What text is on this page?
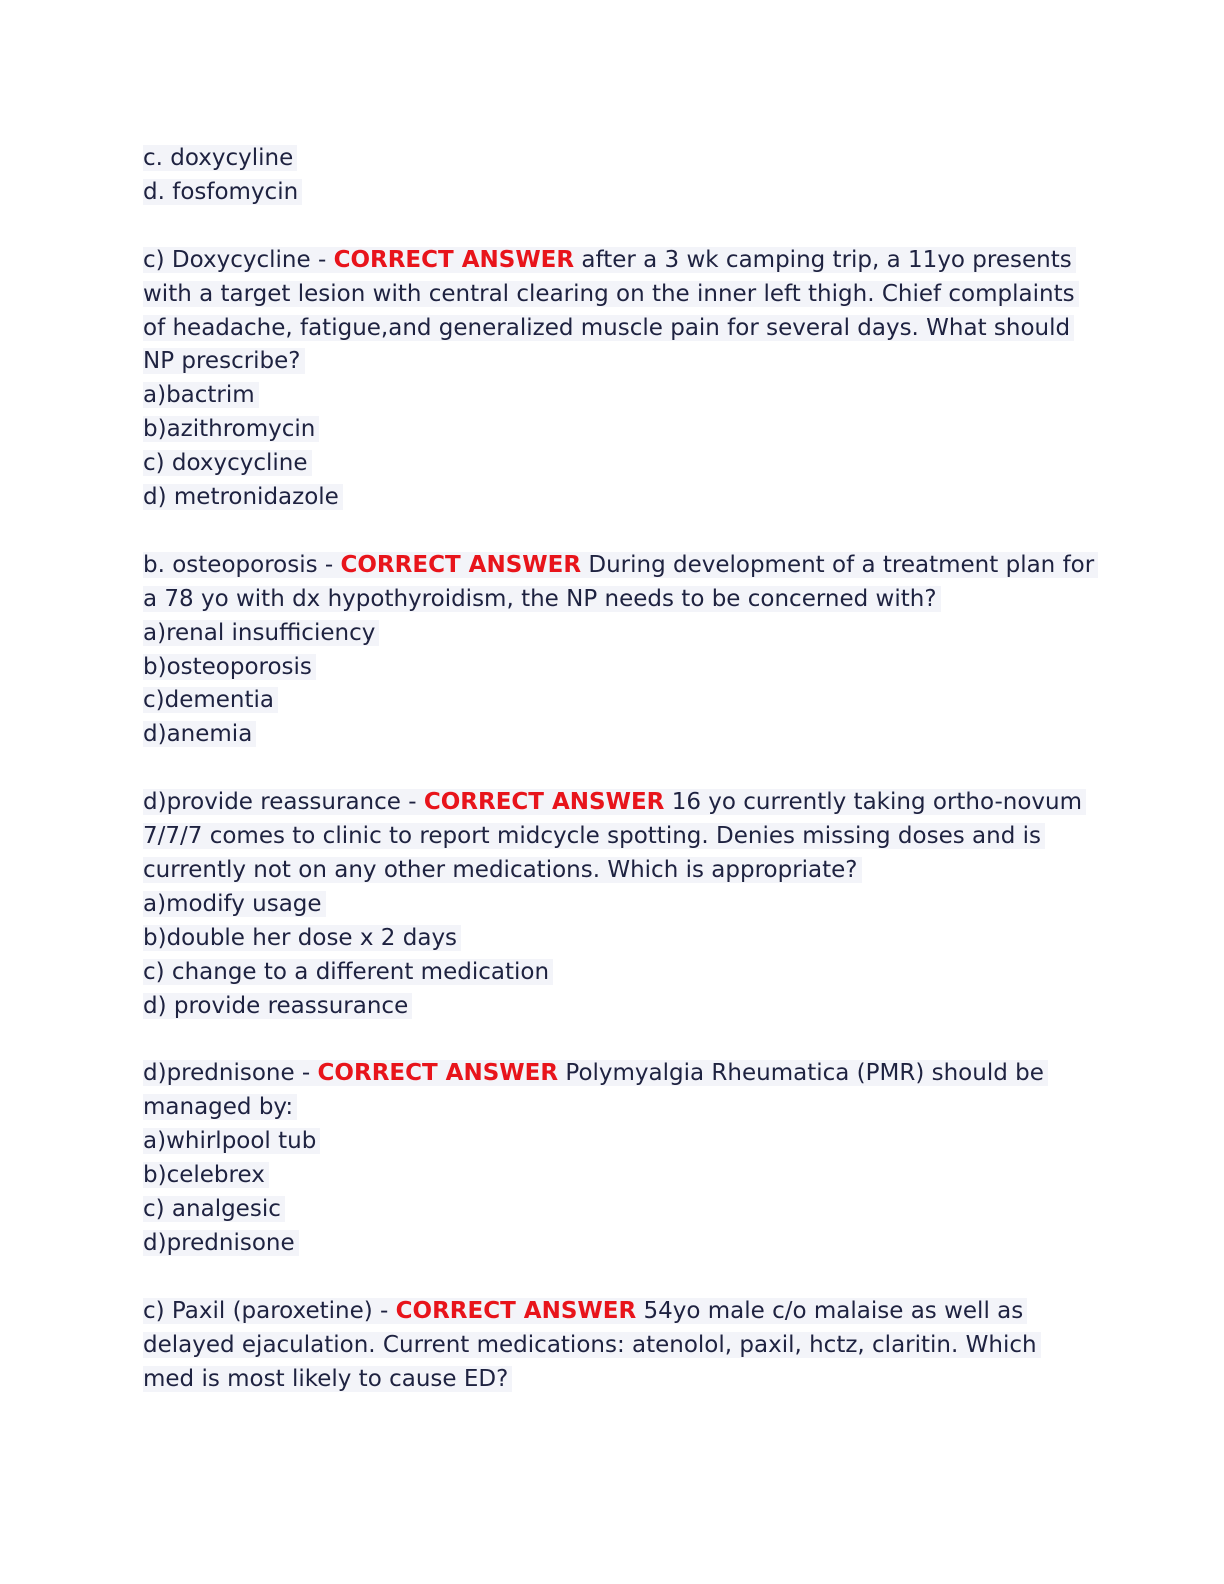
c. doxycyline
d. fosfomycin
c) Doxycycline - CORRECT ANSWER after a 3 wk camping trip, a 11yo presents
with a target lesion with central clearing on the inner left thigh. Chief complaints
of headache, fatigue,and generalized muscle pain for several days. What should
NP prescribe?
a)bactrim
b)azithromycin
c) doxycycline
d) metronidazole
b. osteoporosis - CORRECT ANSWER During development of a treatment plan for
a 78 yo with dx hypothyroidism, the NP needs to be concerned with?
a)renal insufficiency
b)osteoporosis
c)dementia
d)anemia
d)provide reassurance - CORRECT ANSWER 16 yo currently taking ortho-novum
7/7/7 comes to clinic to report midcycle spotting. Denies missing doses and is
currently not on any other medications. Which is appropriate?
a)modify usage
b)double her dose x 2 days
c) change to a different medication
d) provide reassurance
d)prednisone - CORRECT ANSWER Polymyalgia Rheumatica (PMR) should be
managed by:
a)whirlpool tub
b)celebrex
c) analgesic
d)prednisone
c) Paxil (paroxetine) - CORRECT ANSWER 54yo male c/o malaise as well as
delayed ejaculation. Current medications: atenolol, paxil, hctz, claritin. Which
med is most likely to cause ED?
